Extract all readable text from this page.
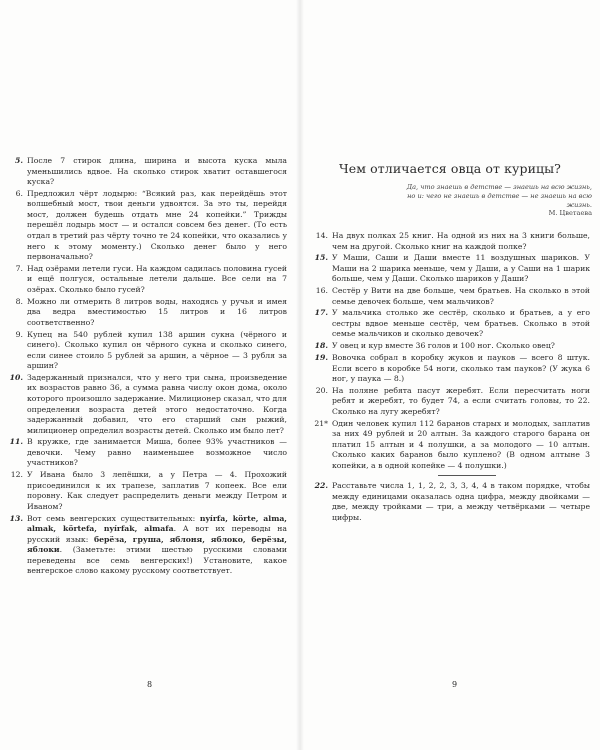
5. После 7 стирок длина, ширина и высота куска мыла уменьшились вдвое. На сколько стирок хватит оставшегося куска?
6. Предложил чёрт лодырю: “Всякий раз, как перейдёшь этот волшебный мост, твои деньги удвоятся. За это ты, перейдя мост, должен будешь отдать мне 24 копейки.” Трижды перешёл лодырь мост — и остался совсем без денег. (То есть отдал в третий раз чёрту точно те 24 копейки, что оказались у него к этому моменту.) Сколько денег было у него первоначально?
7. Над озёрами летели гуси. На каждом садилась половина гусей и ещё полгуся, остальные летели дальше. Все сели на 7 озёрах. Сколько было гусей?
8. Можно ли отмерить 8 литров воды, находясь у ручья и имея два ведра вместимостью 15 литров и 16 литров соответственно?
9. Купец на 540 рублей купил 138 аршин сукна (чёрного и синего). Сколько купил он чёрного сукна и сколько синего, если синее стоило 5 рублей за аршин, а чёрное — 3 рубля за аршин?
10. Задержанный признался, что у него три сына, произведение их возрастов равно 36, а сумма равна числу окон дома, около которого произошло задержание. Милиционер сказал, что для определения возраста детей этого недостаточно. Когда задержанный добавил, что его старший сын рыжий, милиционер определил возрасты детей. Сколько им было лет?
11. В кружке, где занимается Миша, более 93% участников — девочки. Чему равно наименьшее возможное число участников?
12. У Ивана было 3 лепёшки, а у Петра — 4. Прохожий присоединился к их трапезе, заплатив 7 копеек. Все ели поровну. Как следует распределить деньги между Петром и Иваном?
13. Вот семь венгерских существительных: nyírfa, körte, alma, almak, körtefa, nyírfak, almafa. А вот их переводы на русский язык: берёза, груша, яблоня, яблоко, берёзы, яблоки. (Заметьте: этими шестью русскими словами переведены все семь венгерских!) Установите, какое венгерское слово какому русскому соответствует.
8
Чем отличается овца от курицы?
Да, что знаешь в детстве — знаешь на всю жизнь, но и: чего не знаешь в детстве — не знаешь на всю жизнь.
М. Цветаева
14. На двух полках 25 книг. На одной из них на 3 книги больше, чем на другой. Сколько книг на каждой полке?
15. У Маши, Саши и Даши вместе 11 воздушных шариков. У Маши на 2 шарика меньше, чем у Даши, а у Саши на 1 шарик больше, чем у Даши. Сколько шариков у Даши?
16. Сестёр у Вити на две больше, чем братьев. На сколько в этой семье девочек больше, чем мальчиков?
17. У мальчика столько же сестёр, сколько и братьев, а у его сестры вдвое меньше сестёр, чем братьев. Сколько в этой семье мальчиков и сколько девочек?
18. У овец и кур вместе 36 голов и 100 ног. Сколько овец?
19. Вовочка собрал в коробку жуков и пауков — всего 8 штук. Если всего в коробке 54 ноги, сколько там пауков? (У жука 6 ног, у паука — 8.)
20. На поляне ребята пасут жеребят. Если пересчитать ноги ребят и жеребят, то будет 74, а если считать головы, то 22. Сколько на лугу жеребят?
21* Один человек купил 112 баранов старых и молодых, заплатив за них 49 рублей и 20 алтын. За каждого старого барана он платил 15 алтын и 4 полушки, а за молодого — 10 алтын. Сколько каких баранов было куплено? (В одном алтыне 3 копейки, а в одной копейке — 4 полушки.)
22. Расставьте числа 1, 1, 2, 2, 3, 3, 4, 4 в таком порядке, чтобы между единицами оказалась одна цифра, между двойками — две, между тройками — три, а между четвёрками — четыре цифры.
9
